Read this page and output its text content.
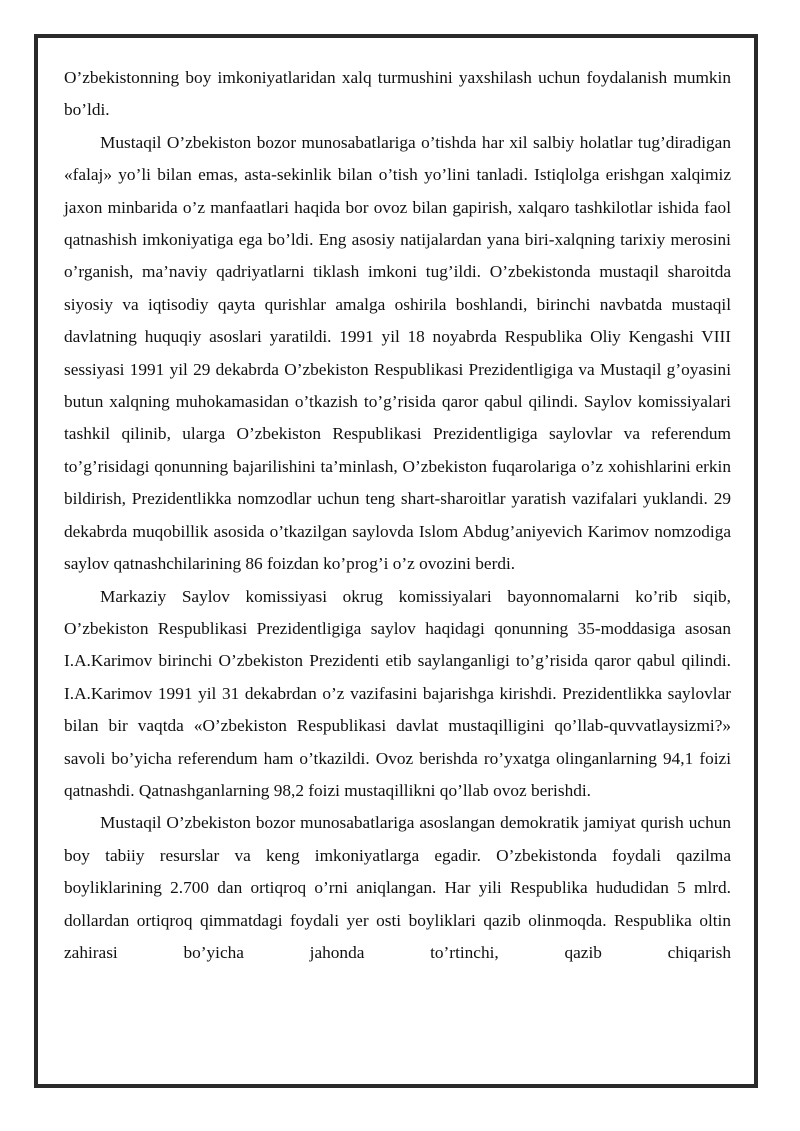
O’zbekistonning boy imkoniyatlaridan xalq turmushini yaxshilash uchun foydalanish mumkin bo’ldi.

Mustaqil O’zbekiston bozor munosabatlariga o’tishda har xil salbiy holatlar tug’diradigan «falaj» yo’li bilan emas, asta-sekinlik bilan o’tish yo’lini tanladi. Istiqlolga erishgan xalqimiz jaxon minbarida o’z manfaatlari haqida bor ovoz bilan gapirish, xalqaro tashkilotlar ishida faol qatnashish imkoniyatiga ega bo’ldi. Eng asosiy natijalardan yana biri-xalqning tarixiy merosini o’rganish, ma’naviy qadriyatlarni tiklash imkoni tug’ildi. O’zbekistonda mustaqil sharoitda siyosiy va iqtisodiy qayta qurishlar amalga oshirila boshlandi, birinchi navbatda mustaqil davlatning huquqiy asoslari yaratildi. 1991 yil 18 noyabrda Respublika Oliy Kengashi VIII sessiyasi 1991 yil 29 dekabrda O’zbekiston Respublikasi Prezidentligiga va Mustaqil g’oyasini butun xalqning muhokamasidan o’tkazish to’g’risida qaror qabul qilindi. Saylov komissiyalari tashkil qilinib, ularga O’zbekiston Respublikasi Prezidentligiga saylovlar va referendum to’g’risidagi qonunning bajarilishini ta’minlash, O’zbekiston fuqarolariga o’z xohishlarini erkin bildirish, Prezidentlikka nomzodlar uchun teng shart-sharoitlar yaratish vazifalari yuklandi. 29 dekabrda muqobillik asosida o’tkazilgan saylovda Islom Abdug’aniyevich Karimov nomzodiga saylov qatnashchilarining 86 foizdan ko’prog’i o’z ovozini berdi.

Markaziy Saylov komissiyasi okrug komissiyalari bayonnomalarni ko’rib siqib, O’zbekiston Respublikasi Prezidentligiga saylov haqidagi qonunning 35-moddasiga asosan I.A.Karimov birinchi O’zbekiston Prezidenti etib saylanganligi to’g’risida qaror qabul qilindi. I.A.Karimov 1991 yil 31 dekabrdan o’z vazifasini bajarishga kirishdi. Prezidentlikka saylovlar bilan bir vaqtda «O’zbekiston Respublikasi davlat mustaqilligini qo’llab-quvvatlaysizmi?» savoli bo’yicha referendum ham o’tkazildi. Ovoz berishda ro’yxatga olinganlarning 94,1 foizi qatnashdi. Qatnashganlarning 98,2 foizi mustaqillikni qo’llab ovoz berishdi.

Mustaqil O’zbekiston bozor munosabatlariga asoslangan demokratik jamiyat qurish uchun boy tabiiy resurslar va keng imkoniyatlarga egadir. O’zbekistonda foydali qazilma boyliklarining 2.700 dan ortiqroq o’rni aniqlangan. Har yili Respublika hududidan 5 mlrd. dollardan ortiqroq qimmatdagi foydali yer osti boyliklari qazib olinmoqda. Respublika oltin zahirasi bo’yicha jahonda to’rtinchi, qazib chiqarish
